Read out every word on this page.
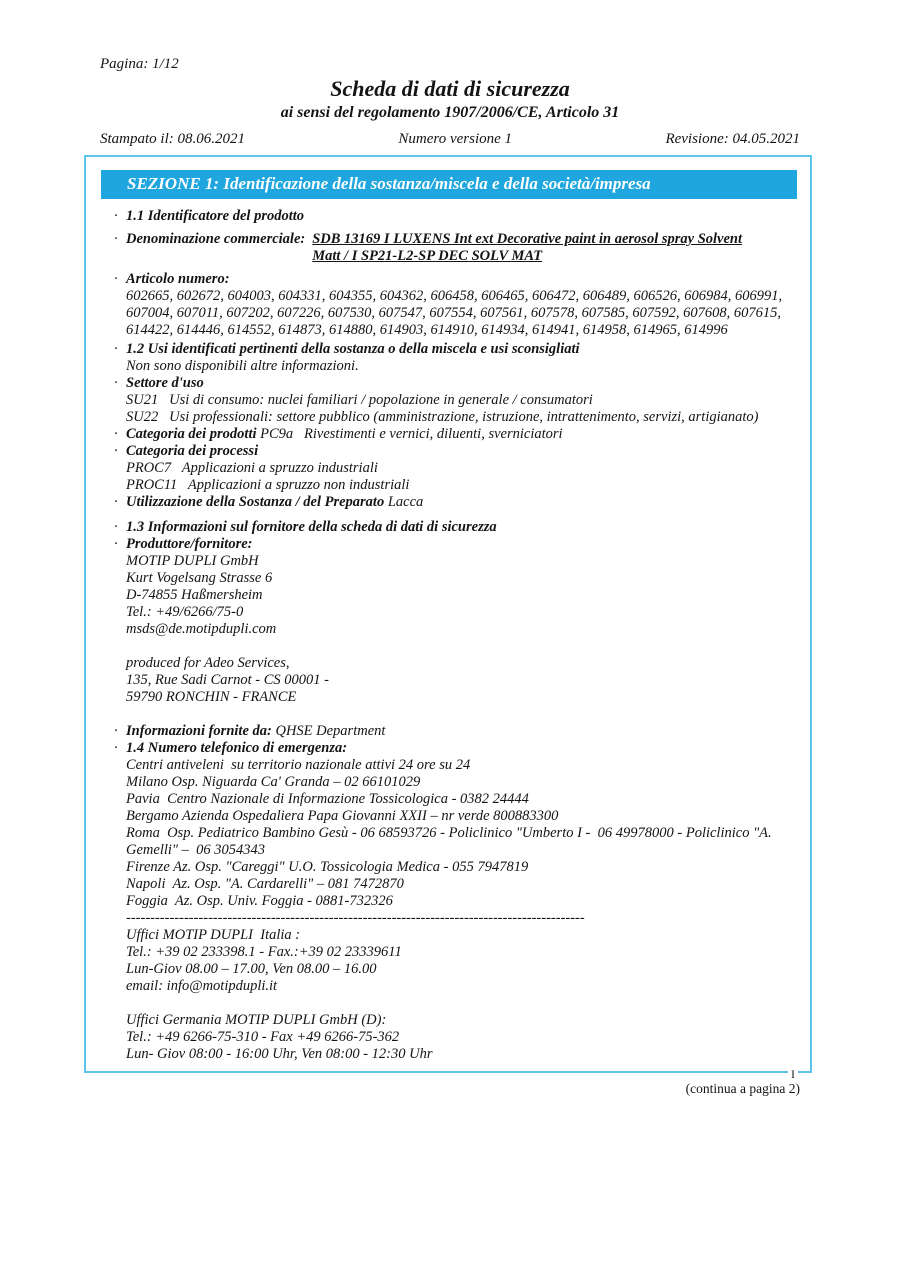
Pagina: 1/12
Scheda di dati di sicurezza
ai sensi del regolamento 1907/2006/CE, Articolo 31
Stampato il: 08.06.2021	Numero versione 1	Revisione: 04.05.2021
SEZIONE 1: Identificazione della sostanza/miscela e della società/impresa
· 1.1 Identificatore del prodotto
· Denominazione commerciale: SDB 13169 I LUXENS Int ext Decorative paint in aerosol spray Solvent
Matt / I SP21-L2-SP DEC SOLV MAT
· Articolo numero:
602665, 602672, 604003, 604331, 604355, 604362, 606458, 606465, 606472, 606489, 606526, 606984, 606991, 607004, 607011, 607202, 607226, 607530, 607547, 607554, 607561, 607578, 607585, 607592, 607608, 607615, 614422, 614446, 614552, 614873, 614880, 614903, 614910, 614934, 614941, 614958, 614965, 614996
· 1.2 Usi identificati pertinenti della sostanza o della miscela e usi sconsigliati
Non sono disponibili altre informazioni.
· Settore d'uso
SU21   Usi di consumo: nuclei familiari / popolazione in generale / consumatori
SU22   Usi professionali: settore pubblico (amministrazione, istruzione, intrattenimento, servizi, artigianato)
· Categoria dei prodotti PC9a   Rivestimenti e vernici, diluenti, sverniciatori
· Categoria dei processi
PROC7   Applicazioni a spruzzo industriali
PROC11   Applicazioni a spruzzo non industriali
· Utilizzazione della Sostanza / del Preparato Lacca
· 1.3 Informazioni sul fornitore della scheda di dati di sicurezza
· Produttore/fornitore:
MOTIP DUPLI GmbH
Kurt Vogelsang Strasse 6
D-74855 Haßmersheim
Tel.: +49/6266/75-0
msds@de.motipdupli.com
produced for Adeo Services,
135, Rue Sadi Carnot - CS 00001 -
59790 RONCHIN - FRANCE
· Informazioni fornite da: QHSE Department
· 1.4 Numero telefonico di emergenza:
Centri antiveleni  su territorio nazionale attivi 24 ore su 24
Milano Osp. Niguarda Ca' Granda – 02 66101029
Pavia  Centro Nazionale di Informazione Tossicologica - 0382 24444
Bergamo Azienda Ospedaliera Papa Giovanni XXII – nr verde 800883300
Roma  Osp. Pediatrico Bambino Gesù - 06 68593726 - Policlinico "Umberto I -  06 49978000 - Policlinico "A. Gemelli" –  06 3054343
Firenze Az. Osp. "Careggi" U.O. Tossicologia Medica - 055 7947819
Napoli  Az. Osp. "A. Cardarelli" – 081 7472870
Foggia  Az. Osp. Univ. Foggia - 0881-732326
-----------------------------------------------------------------------------------------------
Uffici MOTIP DUPLI  Italia :
Tel.: +39 02 233398.1 - Fax.:+39 02 23339611
Lun-Giov 08.00 – 17.00, Ven 08.00 – 16.00
email: info@motipdupli.it
Uffici Germania MOTIP DUPLI GmbH (D):
Tel.: +49 6266-75-310 - Fax +49 6266-75-362
Lun- Giov 08:00 - 16:00 Uhr, Ven 08:00 - 12:30 Uhr
I
(continua a pagina 2)
